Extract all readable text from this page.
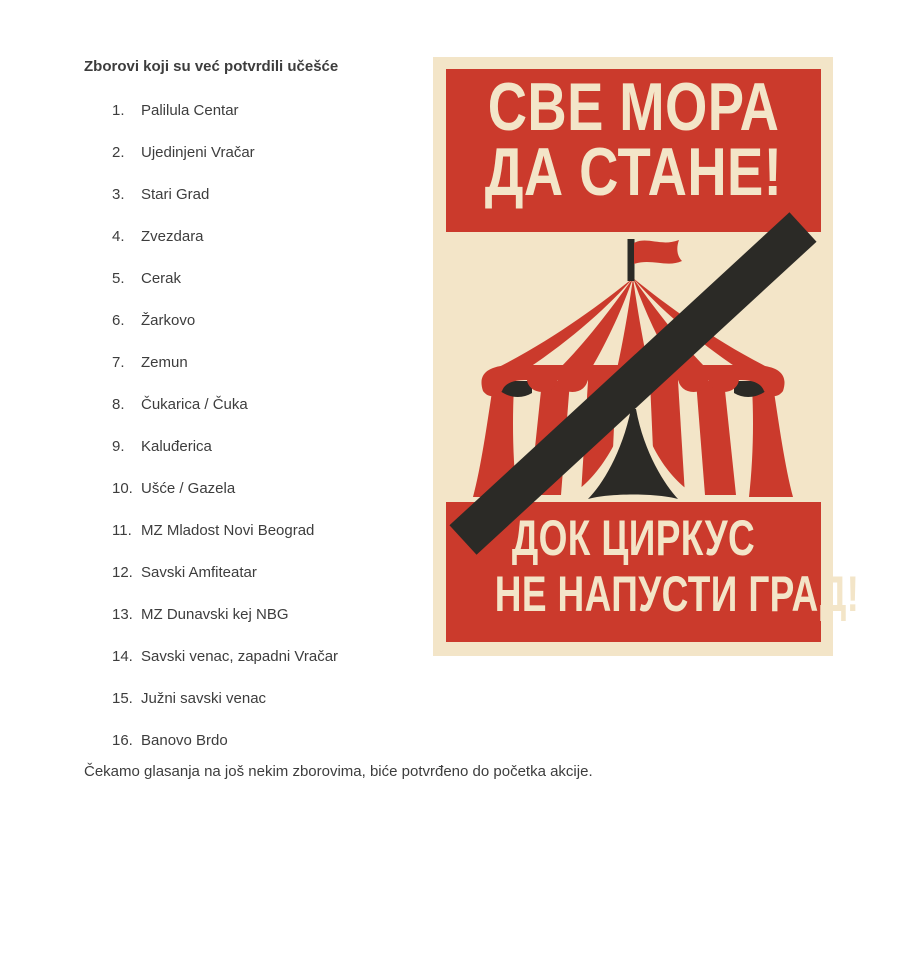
Zborovi koji su već potvrdili učešće
1.	Palilula Centar
2.	Ujedinjeni Vračar
3.	Stari Grad
4.	Zvezdara
5.	Cerak
6.	Žarkovo
7.	Zemun
8.	Čukarica / Čuka
9.	Kaluđerica
10. Ušće / Gazela
11. MZ Mladost Novi Beograd
12. Savski Amfiteatar
13. MZ Dunavski kej NBG
14. Savski venac, zapadni Vračar
15. Južni savski venac
16. Banovo Brdo
Čekamo glasanja na još nekim zborovima, biće potvrđeno do početka akcije.
СВЕ МОРА
ДА СТАНЕ!
ДОК ЦИРКУС
НЕ НАПУСТИ ГРАД!
